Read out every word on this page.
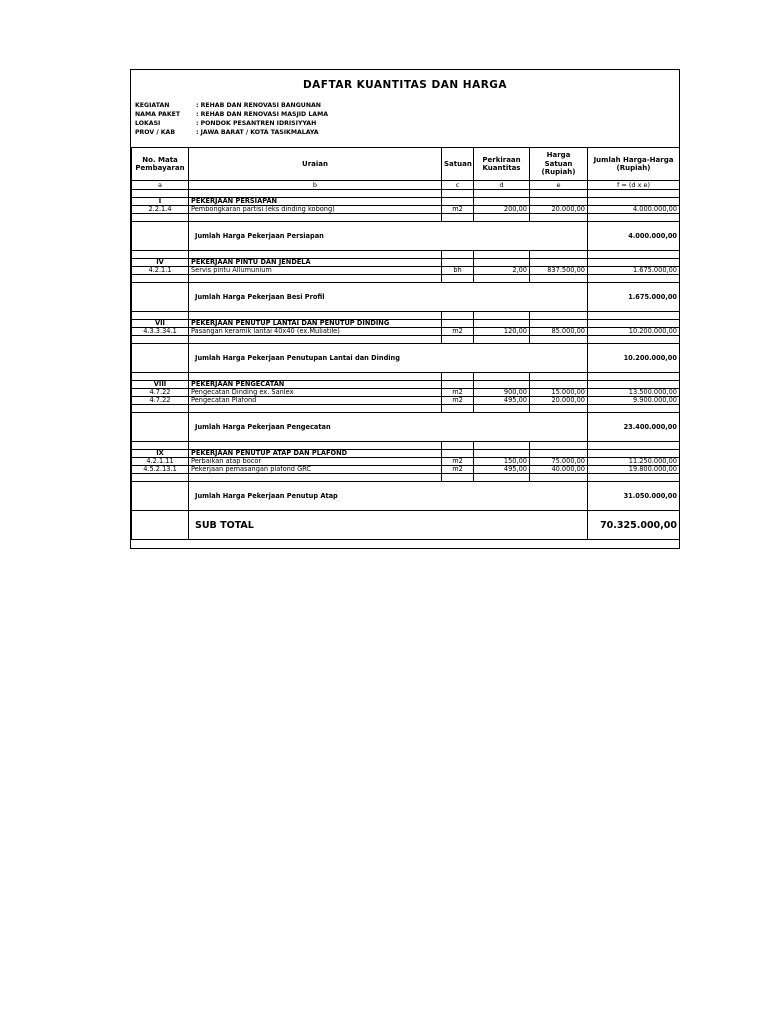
DAFTAR KUANTITAS DAN HARGA
KEGIATAN	: REHAB DAN RENOVASI BANGUNAN
NAMA PAKET	: REHAB DAN RENOVASI MASJID LAMA
LOKASI	: PONDOK PESANTREN IDRISIYYAH
PROV / KAB	: JAWA BARAT / KOTA TASIKMALAYA
No. Mata Pembayaran	Uraian	Satuan	Perkiraan Kuantitas	Harga Satuan (Rupiah)	Jumlah Harga-Harga (Rupiah)
a	b	c	d	e	f = (d x e)

I	PEKERJAAN PERSIAPAN				
2.2.1.4	Pembongkaran partisi (eks dinding kobong)	m2	200,00	20.000,00	4.000.000,00

	Jumlah Harga Pekerjaan Persiapan				4.000.000,00

IV	PEKERJAAN PINTU DAN JENDELA				
4.2.1.1	Servis pintu Allumunium	bh	2,00	837.500,00	1.675.000,00

	Jumlah Harga Pekerjaan Besi Profil				1.675.000,00

VII	PEKERJAAN PENUTUP LANTAI DAN PENUTUP DINDING				
4.3.3.34.1	Pasangan keramik lantai 40x40 (ex.Muliatile)	m2	120,00	85.000,00	10.200.000,00

	Jumlah Harga Pekerjaan Penutupan Lantai dan Dinding				10.200.000,00

VIII	PEKERJAAN PENGECATAN				
4.7.22	Pengecatan Dinding ex. Sanlex	m2	900,00	15.000,00	13.500.000,00
4.7.22	Pengecatan Plafond	m2	495,00	20.000,00	9.900.000,00

	Jumlah Harga Pekerjaan Pengecatan				23.400.000,00

IX	PEKERJAAN PENUTUP ATAP DAN PLAFOND				
4.2.1.11	Perbaikan atap bocor	m2	150,00	75.000,00	11.250.000,00
4.5.2.13.1	Pekerjaan pemasangan plafond GRC	m2	495,00	40.000,00	19.800.000,00

	Jumlah Harga Pekerjaan Penutup Atap				31.050.000,00
	SUB TOTAL				70.325.000,00
